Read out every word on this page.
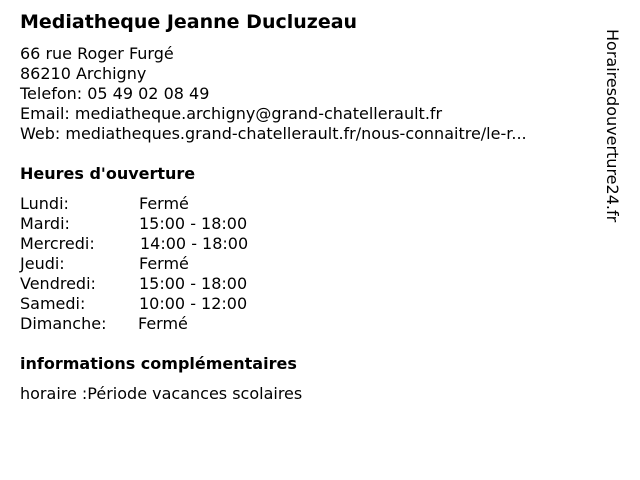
Mediatheque Jeanne Ducluzeau
66 rue Roger Furgé
86210 Archigny
Telefon: 05 49 02 08 49
Email: mediatheque.archigny@grand-chatellerault.fr
Web: mediatheques.grand-chatellerault.fr/nous-connaitre/le-r...
Heures d'ouverture
Lundi:	Fermé
Mardi:	15:00 - 18:00
Mercredi:	14:00 - 18:00
Jeudi:	Fermé
Vendredi:	15:00 - 18:00
Samedi:	10:00 - 12:00
Dimanche:	Fermé
informations complémentaires
horaire :Période vacances scolaires
Horairesdouverture24.fr
